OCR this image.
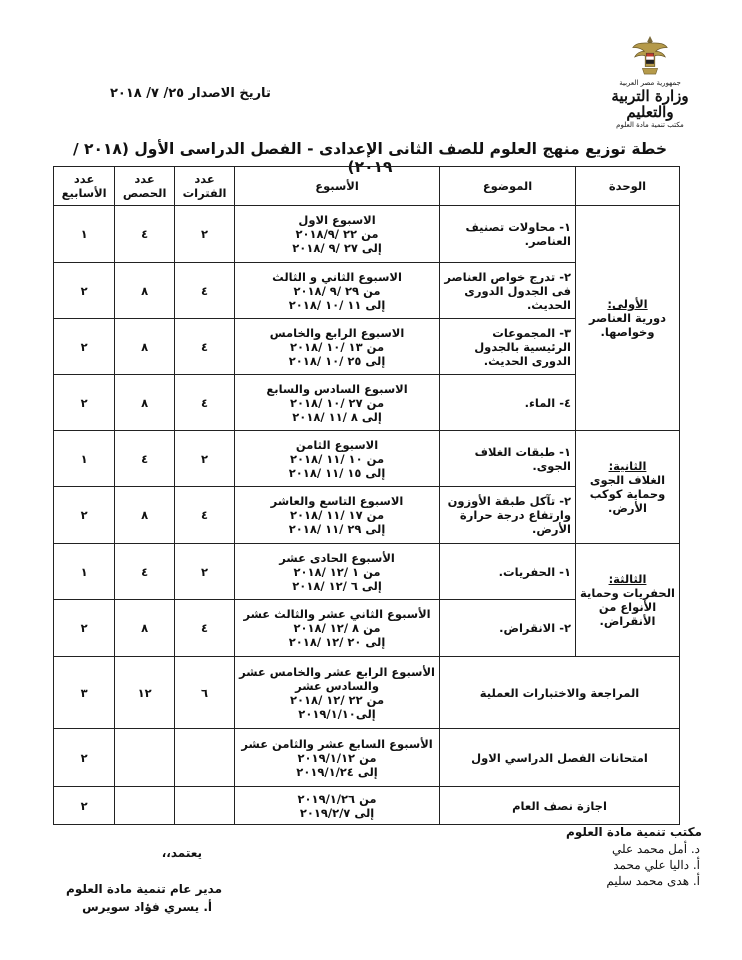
تاريخ الاصدار ٢٥/ ٧/ ٢٠١٨
جمهورية مصر العربية
وزارة التربية والتعليم
مكتب تنمية مادة العلوم
خطة توزيع منهج العلوم للصف الثانى الإعدادى - الفصل الدراسى الأول (٢٠١٨ / ٢٠١٩)
الوحدة	الموضوع	الأسبوع	عدد الفترات	عدد الحصص	عدد الأسابيع

الأولى:
دورية العناصر وخواصها.	١- محاولات تصنيف العناصر.	الاسبوع الاول
من ٢٢ /٢٠١٨/٩
إلى ٢٧ /٩ /٢٠١٨	٢	٤	١
	٢- تدرج خواص العناصر فى الجدول الدورى الحديث.	الاسبوع الثاني و الثالث
من ٢٩ /٩ /٢٠١٨
إلى ١١ /١٠ /٢٠١٨	٤	٨	٢
	٣- المجموعات الرئيسية بالجدول الدورى الحديث.	الاسبوع الرابع والخامس
من ١٣ /١٠ /٢٠١٨
إلى ٢٥ /١٠ /٢٠١٨	٤	٨	٢
	٤- الماء.	الاسبوع السادس والسابع
من ٢٧ /١٠ /٢٠١٨
إلى ٨ /١١ /٢٠١٨	٤	٨	٢

الثانية:
الغلاف الجوى وحماية كوكب الأرض.	١- طبقات الغلاف الجوى.	الاسبوع الثامن
من ١٠ /١١ /٢٠١٨
إلى ١٥ /١١ /٢٠١٨	٢	٤	١
	٢- تآكل طبقة الأوزون وارتفاع درجة حرارة الأرض.	الاسبوع التاسع والعاشر
من ١٧ /١١ /٢٠١٨
إلى ٢٩ /١١ /٢٠١٨	٤	٨	٢

الثالثة:
الحفريات وحماية الأنواع من الأنقراض.	١- الحفريات.	الأسبوع الحادى عشر
من ١ /١٢ /٢٠١٨
إلى ٦ /١٢ /٢٠١٨	٢	٤	١
	٢- الانقراض.	الأسبوع الثاني عشر والثالث عشر
من ٨ /١٢ /٢٠١٨
إلى ٢٠ /١٢ /٢٠١٨	٤	٨	٢
المراجعة والاختبارات العملية		الأسبوع الرابع عشر والخامس عشر
والسادس عشر
من ٢٢ /١٢ /٢٠١٨
إلى٢٠١٩/١/١٠	٦	١٢	٣
امتحانات الفصل الدراسي الاول		الأسبوع السابع عشر والثامن عشر
من ٢٠١٩/١/١٢
إلى ٢٠١٩/١/٢٤			٢
اجازة نصف العام		من ٢٠١٩/١/٢٦
إلى ٢٠١٩/٢/٧			٢
مكتب تنمية مادة العلوم
د. أمل محمد علي
أ. داليا علي محمد
أ. هدى محمد سليم
يعتمد،،
مدير عام تنمية مادة العلوم
أ. يسري فؤاد سويرس
